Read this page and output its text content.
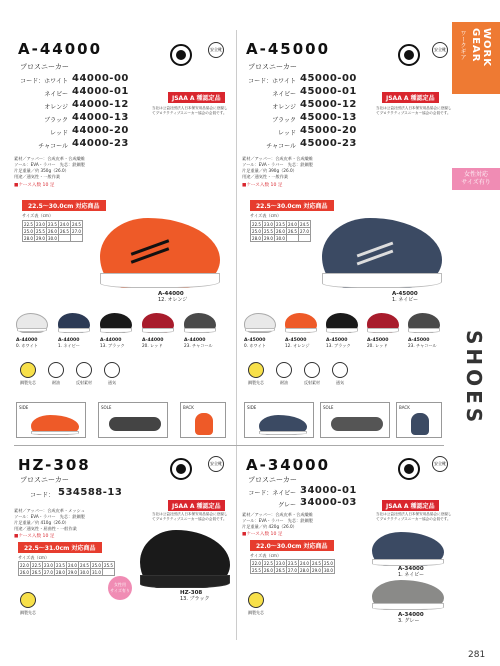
WORK GEAR
ワークギア
女性対応
サイズ有り
SHOES
281
A-44000
プロスニーカー
コード：ホワイト 44000-00
ネイビー 44000-01
オレンジ 44000-12
ブラック 44000-13
レッド 44000-20
チャコール 44000-23
安全靴
JSAA A 種認定品
当社は公益社団法人日本保安用品協会に登録してプロテクティブスニーカー協会の会員です。
素材／アッパー：合成皮革・合成繊維
ソール：EVA・ラバー　先芯：鉄鋼製
片足重量／約 350g（26.0）
用途／通気性・一般作業
■ケース入数 10 足
22.5～30.0cm 対応商品
サイズ表（cm）
22.5	23.0	23.5	24.0	24.5
25.0	25.5	26.0	26.5	27.0
28.0	29.0	30.0		
A-44000
12. オレンジ
A-44000
0. ホワイト
A-44000
1. ネイビー
A-44000
13. ブラック
A-44000
20. レッド
A-44000
23. チャコール
鋼製先芯	耐油	反射素材	通気
SIDE	SOLE	BACK
A-45000
プロスニーカー
コード：ホワイト 45000-00
ネイビー 45000-01
オレンジ 45000-12
ブラック 45000-13
レッド 45000-20
チャコール 45000-23
安全靴
JSAA A 種認定品
当社は公益社団法人日本保安用品協会に登録してプロテクティブスニーカー協会の会員です。
素材／アッパー：合成皮革・合成繊維
ソール：EVA・ラバー　先芯：鉄鋼製
片足重量／約 390g（26.0）
用途／通気性・一般作業
■ケース入数 10 足
22.5～30.0cm 対応商品
サイズ表（cm）
22.5	23.0	23.5	24.0	24.5
25.0	25.5	26.0	26.5	27.0
28.0	29.0	30.0		
A-45000
1. ネイビー
A-45000
0. ホワイト
A-45000
12. オレンジ
A-45000
13. ブラック
A-45000
20. レッド
A-45000
23. チャコール
鋼製先芯	耐油	反射素材	通気
SIDE	SOLE	BACK
HZ-308
プロスニーカー
コード： 534588-13
安全靴
JSAA A 種認定品
当社は公益社団法人日本保安用品協会に登録してプロテクティブスニーカー協会の会員です。
素材／アッパー：合成皮革・メッシュ
ソール：EVA・ラバー　先芯：鉄鋼製
片足重量／約 410g（26.0）
用途／通気性・屈曲性・一般作業
■ケース入数 10 足
22.5～31.0cm 対応商品
サイズ表（cm）
22.0	22.5	23.0	23.5	24.0	24.5	25.0	25.5
26.0	26.5	27.0	28.0	29.0	30.0	31.0	
女性用
サイズ有り
鋼製先芯
HZ-308
13. ブラック
A-34000
プロスニーカー
コード：ネイビー 34000-01
グレー 34000-03
安全靴
JSAA A 種認定品
当社は公益社団法人日本保安用品協会に登録してプロテクティブスニーカー協会の会員です。
素材／アッパー：合成皮革・合成繊維
ソール：EVA・ラバー　先芯：鉄鋼製
片足重量／約 420g（26.0）
■ケース入数 10 足
22.0～30.0cm 対応商品
サイズ表（cm）
22.0	22.5	23.0	23.5	24.0	24.5	25.0
25.5	26.0	26.5	27.0	28.0	29.0	30.0
鋼製先芯
A-34000
1. ネイビー
A-34000
3. グレー
